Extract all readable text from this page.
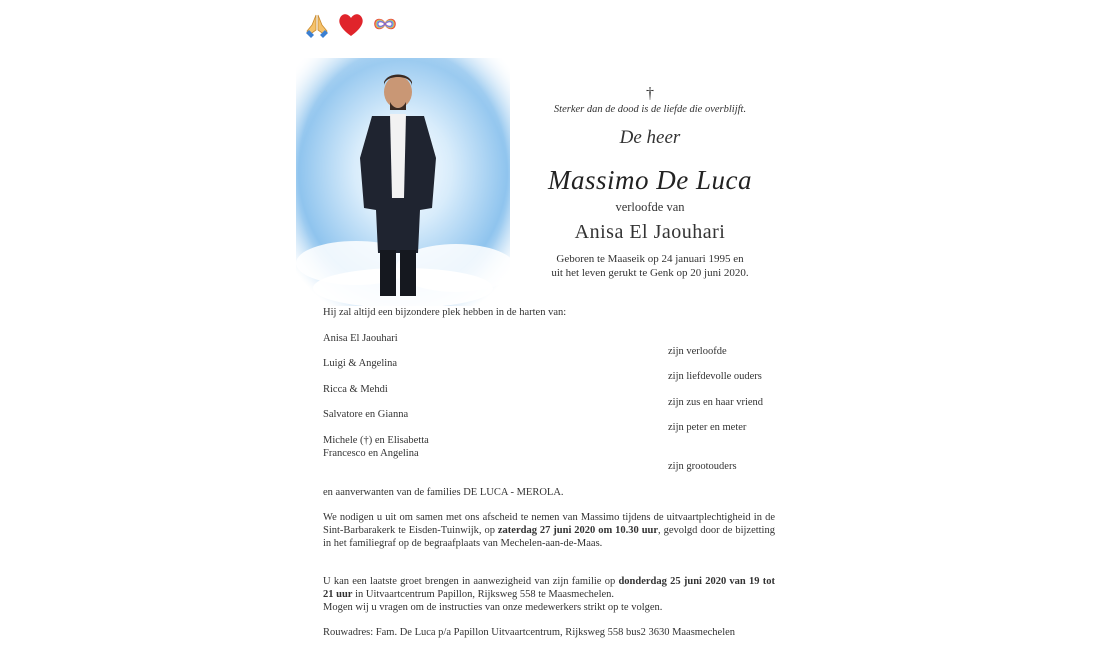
†
Sterker dan de dood is de liefde die overblijft.
De heer
Massimo De Luca
verloofde van
Anisa El Jaouhari
Geboren te Maaseik op 24 januari 1995 en
uit het leven gerukt te Genk op 20 juni 2020.
Hij zal altijd een bijzondere plek hebben in de harten van:
Anisa El Jaouhari
zijn verloofde
Luigi & Angelina
zijn liefdevolle ouders
Ricca & Mehdi
zijn zus en haar vriend
Salvatore en Gianna
zijn peter en meter
Michele (†) en Elisabetta
Francesco en Angelina
zijn grootouders
en aanverwanten van de families DE LUCA - MEROLA.
We nodigen u uit om samen met ons afscheid te nemen van Massimo tijdens de uitvaartplechtigheid in de Sint-Barbarakerk te Eisden-Tuinwijk, op zaterdag 27 juni 2020 om 10.30 uur, gevolgd door de bijzetting in het familiegraf op de begraafplaats van Mechelen-aan-de-Maas.
U kan een laatste groet brengen in aanwezigheid van zijn familie op donderdag 25 juni 2020 van 19 tot 21 uur in Uitvaartcentrum Papillon, Rijksweg 558 te Maasmechelen.
Mogen wij u vragen om de instructies van onze medewerkers strikt op te volgen.
Rouwadres: Fam. De Luca p/a Papillon Uitvaartcentrum, Rijksweg 558 bus2 3630 Maasmechelen
